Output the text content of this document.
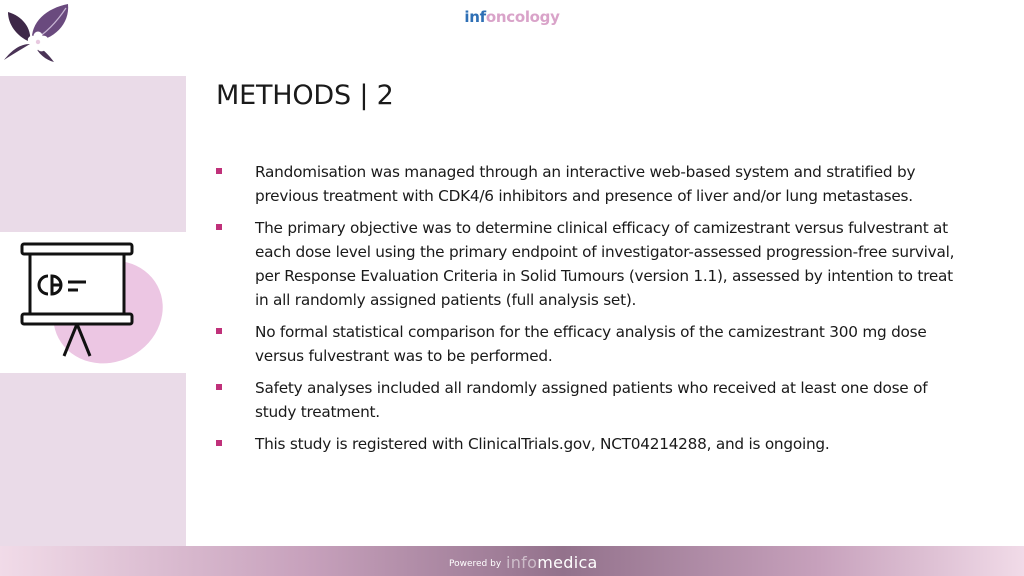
infoncology
METHODS | 2
Randomisation was managed through an interactive web-based system and stratified by previous treatment with CDK4/6 inhibitors and presence of liver and/or lung metastases.
The primary objective was to determine clinical efficacy of camizestrant versus fulvestrant at each dose level using the primary endpoint of investigator-assessed progression-free survival, per Response Evaluation Criteria in Solid Tumours (version 1.1), assessed by intention to treat in all randomly assigned patients (full analysis set).
No formal statistical comparison for the efficacy analysis of the camizestrant 300 mg dose versus fulvestrant was to be performed.
Safety analyses included all randomly assigned patients who received at least one dose of study treatment.
This study is registered with ClinicalTrials.gov, NCT04214288, and is ongoing.
Powered by infomedica
